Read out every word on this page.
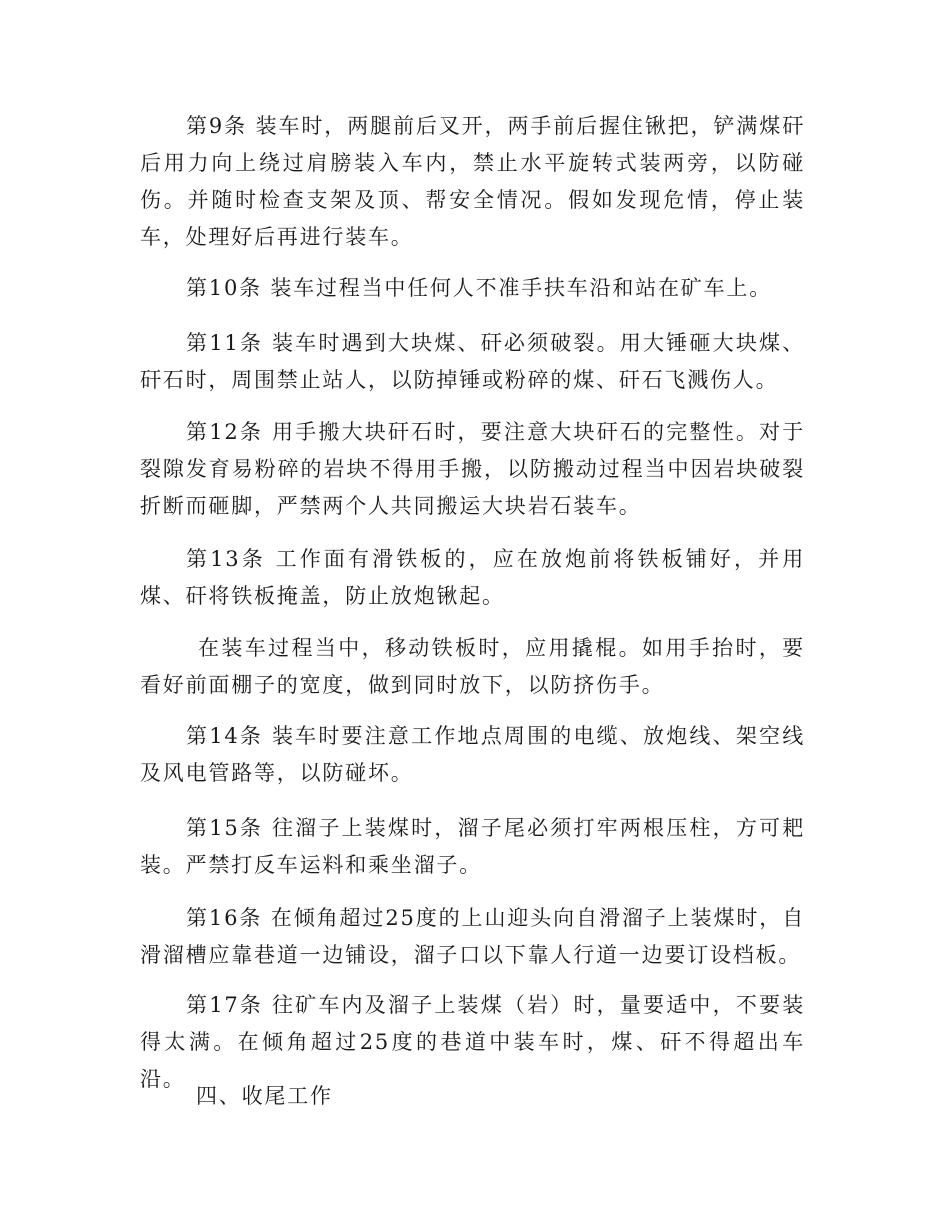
第9条 装车时，两腿前后叉开，两手前后握住锹把，铲满煤矸后用力向上绕过肩膀装入车内，禁止水平旋转式装两旁，以防碰伤。并随时检查支架及顶、帮安全情况。假如发现危情，停止装车，处理好后再进行装车。

第10条 装车过程当中任何人不准手扶车沿和站在矿车上。

第11条 装车时遇到大块煤、矸必须破裂。用大锤砸大块煤、矸石时，周围禁止站人，以防掉锤或粉碎的煤、矸石飞溅伤人。

第12条 用手搬大块矸石时，要注意大块矸石的完整性。对于裂隙发育易粉碎的岩块不得用手搬，以防搬动过程当中因岩块破裂折断而砸脚，严禁两个人共同搬运大块岩石装车。

第13条 工作面有滑铁板的，应在放炮前将铁板铺好，并用煤、矸将铁板掩盖，防止放炮锹起。

在装车过程当中，移动铁板时，应用撬棍。如用手抬时，要看好前面棚子的宽度，做到同时放下，以防挤伤手。

第14条 装车时要注意工作地点周围的电缆、放炮线、架空线及风电管路等，以防碰坏。

第15条 往溜子上装煤时，溜子尾必须打牢两根压柱，方可耙装。严禁打反车运料和乘坐溜子。

第16条 在倾角超过25度的上山迎头向自滑溜子上装煤时，自滑溜槽应靠巷道一边铺设，溜子口以下靠人行道一边要订设档板。

第17条 往矿车内及溜子上装煤（岩）时，量要适中，不要装得太满。在倾角超过25度的巷道中装车时，煤、矸不得超出车沿。

四、收尾工作
